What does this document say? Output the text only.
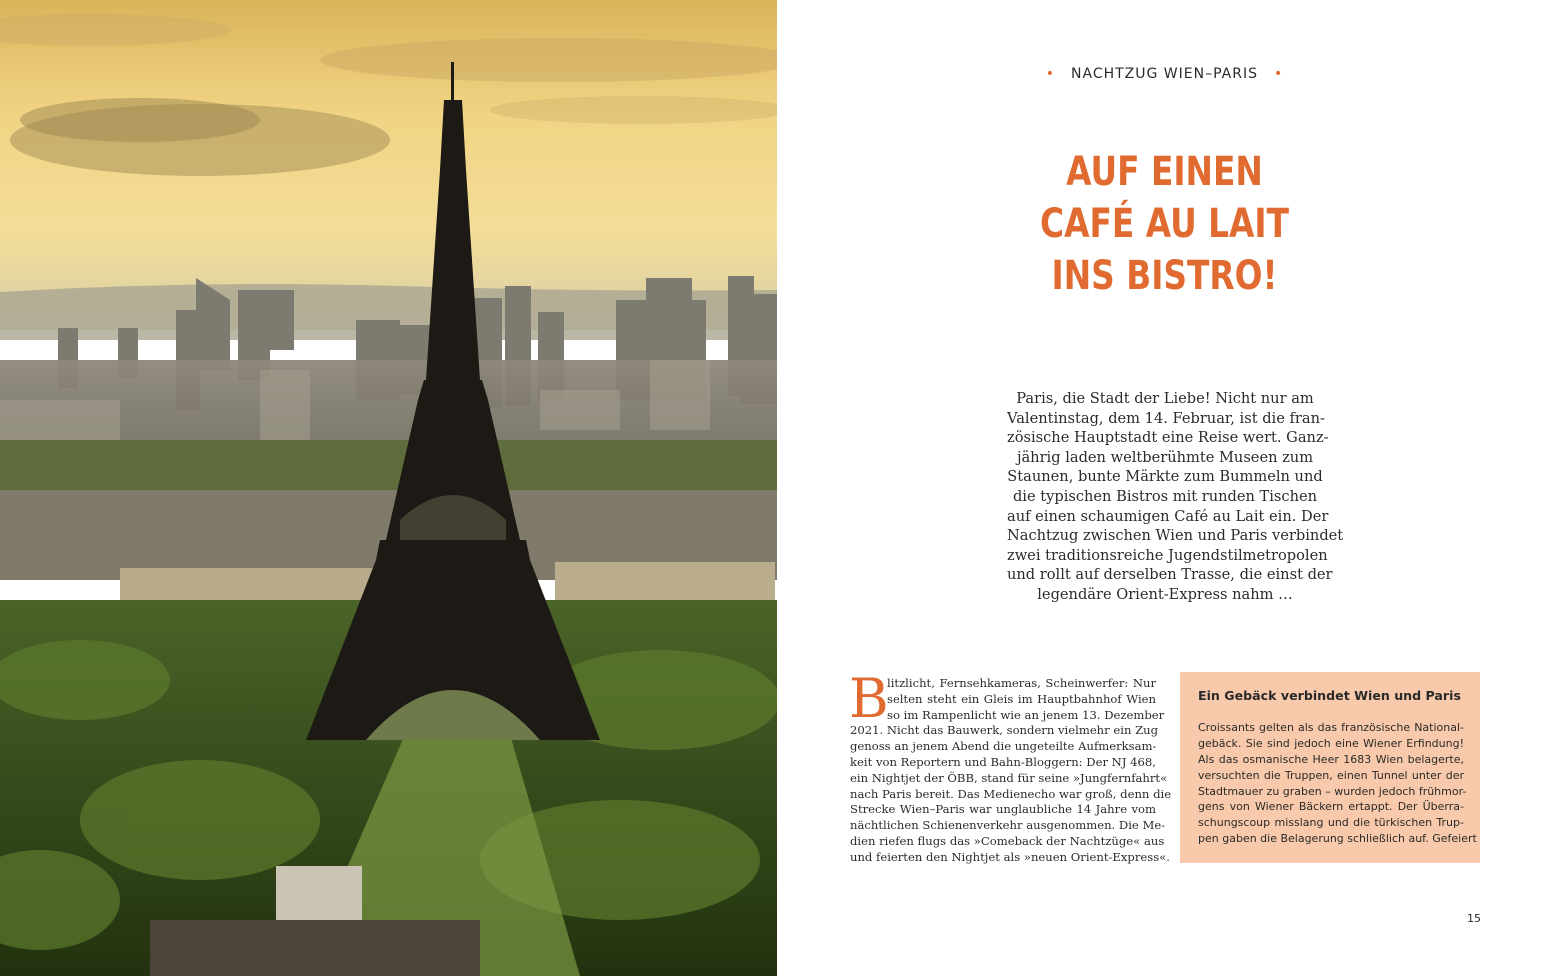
• NACHTZUG WIEN–PARIS •
AUF EINEN
CAFÉ AU LAIT
INS BISTRO!
Paris, die Stadt der Liebe! Nicht nur am
Valentinstag, dem 14. Februar, ist die fran-
zösische Hauptstadt eine Reise wert. Ganz-
jährig laden weltberühmte Museen zum
Staunen, bunte Märkte zum Bummeln und
die typischen Bistros mit runden Tischen
auf einen schaumigen Café au Lait ein. Der
Nachtzug zwischen Wien und Paris verbindet
zwei traditionsreiche Jugendstilmetropolen
und rollt auf derselben Trasse, die einst der
legendäre Orient-Express nahm …
B
litzlicht, Fernsehkameras, Scheinwerfer: Nur
selten steht ein Gleis im Hauptbahnhof Wien
so im Rampenlicht wie an jenem 13. Dezember
2021. Nicht das Bauwerk, sondern vielmehr ein Zug
genoss an jenem Abend die ungeteilte Aufmerksam-
keit von Reportern und Bahn-Bloggern: Der NJ 468,
ein Nightjet der ÖBB, stand für seine »Jungfernfahrt«
nach Paris bereit. Das Medienecho war groß, denn die
Strecke Wien–Paris war unglaubliche 14 Jahre vom
nächtlichen Schienenverkehr ausgenommen. Die Me-
dien riefen flugs das »Comeback der Nachtzüge« aus
und feierten den Nightjet als »neuen Orient-Express«.
Ein Gebäck verbindet Wien und Paris
Croissants gelten als das französische National-
gebäck. Sie sind jedoch eine Wiener Erfindung!
Als das osmanische Heer 1683 Wien belagerte,
versuchten die Truppen, einen Tunnel unter der
Stadtmauer zu graben – wurden jedoch frühmor-
gens von Wiener Bäckern ertappt. Der Überra-
schungscoup misslang und die türkischen Trup-
pen gaben die Belagerung schließlich auf. Gefeiert
15
